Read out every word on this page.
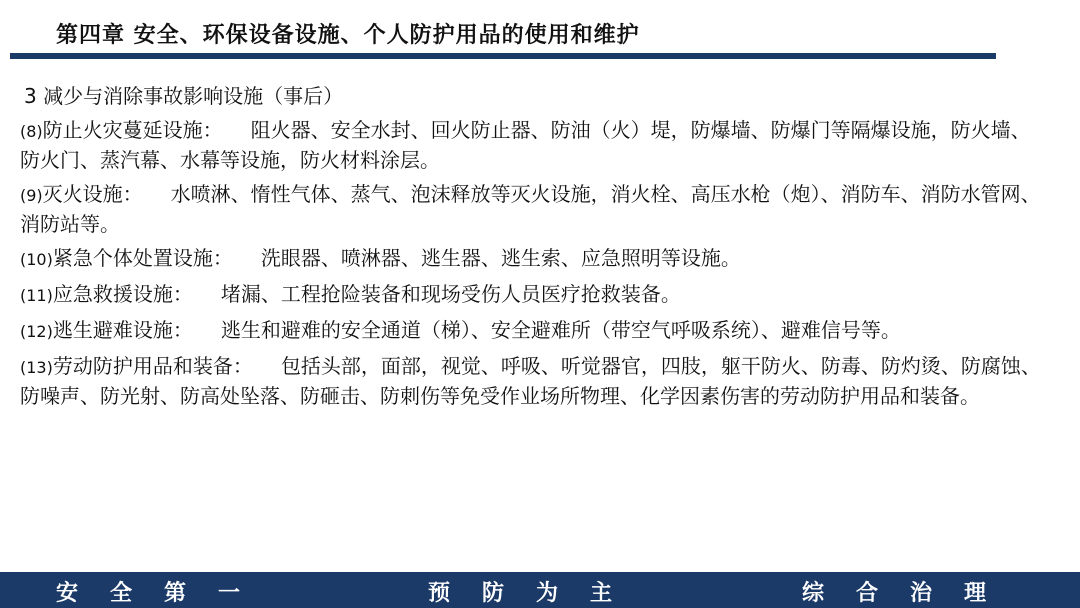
第四章 安全、环保设备设施、个人防护用品的使用和维护
3 减少与消除事故影响设施（事后）
(8)防止火灾蔓延设施： 阻火器、安全水封、回火防止器、防油（火）堤，防爆墙、防爆门等隔爆设施，防火墙、防火门、蒸汽幕、水幕等设施，防火材料涂层。
(9)灭火设施： 水喷淋、惰性气体、蒸气、泡沫释放等灭火设施，消火栓、高压水枪（炮）、消防车、消防水管网、消防站等。
(10)紧急个体处置设施： 洗眼器、喷淋器、逃生器、逃生索、应急照明等设施。
(11)应急救援设施： 堵漏、工程抢险装备和现场受伤人员医疗抢救装备。
(12)逃生避难设施： 逃生和避难的安全通道（梯）、安全避难所（带空气呼吸系统）、避难信号等。
(13)劳动防护用品和装备： 包括头部，面部，视觉、呼吸、听觉器官，四肢，躯干防火、防毒、防灼烫、防腐蚀、防噪声、防光射、防高处坠落、防砸击、防刺伤等免受作业场所物理、化学因素伤害的劳动防护用品和装备。
安全第一	预防为主	综合治理
